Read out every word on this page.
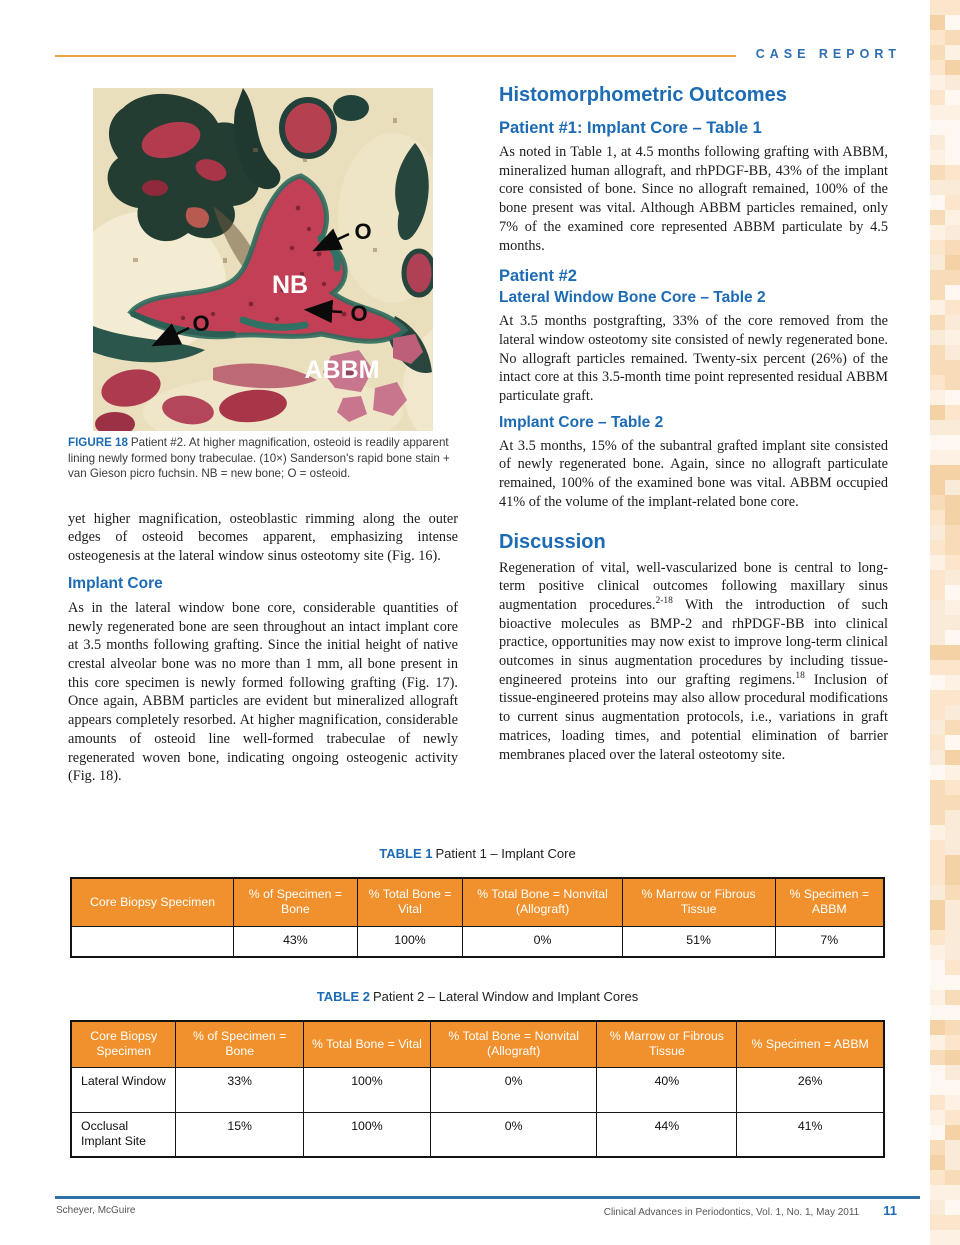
CASE REPORT
O
NB
O
O
ABBM
FIGURE 18 Patient #2. At higher magnification, osteoid is readily apparent lining newly formed bony trabeculae. (10×) Sanderson's rapid bone stain + van Gieson picro fuchsin. NB = new bone; O = osteoid.

yet higher magnification, osteoblastic rimming along the outer edges of osteoid becomes apparent, emphasizing intense osteogenesis at the lateral window sinus osteotomy site (Fig. 16).

Implant Core

As in the lateral window bone core, considerable quantities of newly regenerated bone are seen throughout an intact implant core at 3.5 months following grafting. Since the initial height of native crestal alveolar bone was no more than 1 mm, all bone present in this core specimen is newly formed following grafting (Fig. 17). Once again, ABBM particles are evident but mineralized allograft appears completely resorbed. At higher magnification, considerable amounts of osteoid line well-formed trabeculae of newly regenerated woven bone, indicating ongoing osteogenic activity (Fig. 18).

Histomorphometric Outcomes
Patient #1: Implant Core – Table 1

As noted in Table 1, at 4.5 months following grafting with ABBM, mineralized human allograft, and rhPDGF-BB, 43% of the implant core consisted of bone. Since no allograft remained, 100% of the bone present was vital. Although ABBM particles remained, only 7% of the examined core represented ABBM particulate by 4.5 months.

Patient #2
Lateral Window Bone Core – Table 2

At 3.5 months postgrafting, 33% of the core removed from the lateral window osteotomy site consisted of newly regenerated bone. No allograft particles remained. Twenty-six percent (26%) of the intact core at this 3.5-month time point represented residual ABBM particulate graft.

Implant Core – Table 2

At 3.5 months, 15% of the subantral grafted implant site consisted of newly regenerated bone. Again, since no allograft particulate remained, 100% of the examined bone was vital. ABBM occupied 41% of the volume of the implant-related bone core.

Discussion

Regeneration of vital, well-vascularized bone is central to long-term positive clinical outcomes following maxillary sinus augmentation procedures.$^{2-18}$ With the introduction of such bioactive molecules as BMP-2 and rhPDGF-BB into clinical practice, opportunities may now exist to improve long-term clinical outcomes in sinus augmentation procedures by including tissue-engineered proteins into our grafting regimens.$^{18}$ Inclusion of tissue-engineered proteins may also allow procedural modifications to current sinus augmentation protocols, i.e., variations in graft matrices, loading times, and potential elimination of barrier membranes placed over the lateral osteotomy site.

TABLE 1 Patient 1 – Implant Core
Core Biopsy Specimen	% of Specimen = Bone	% Total Bone = Vital	% Total Bone = Nonvital (Allograft)	% Marrow or Fibrous Tissue	% Specimen = ABBM
	43%	100%	0%	51%	7%
TABLE 2 Patient 2 – Lateral Window and Implant Cores
Core Biopsy Specimen	% of Specimen = Bone	% Total Bone = Vital	% Total Bone = Nonvital (Allograft)	% Marrow or Fibrous Tissue	% Specimen = ABBM
Lateral Window	33%	100%	0%	40%	26%
Occlusal Implant Site	15%	100%	0%	44%	41%
Scheyer, McGuire	Clinical Advances in Periodontics, Vol. 1, No. 1, May 2011 11
